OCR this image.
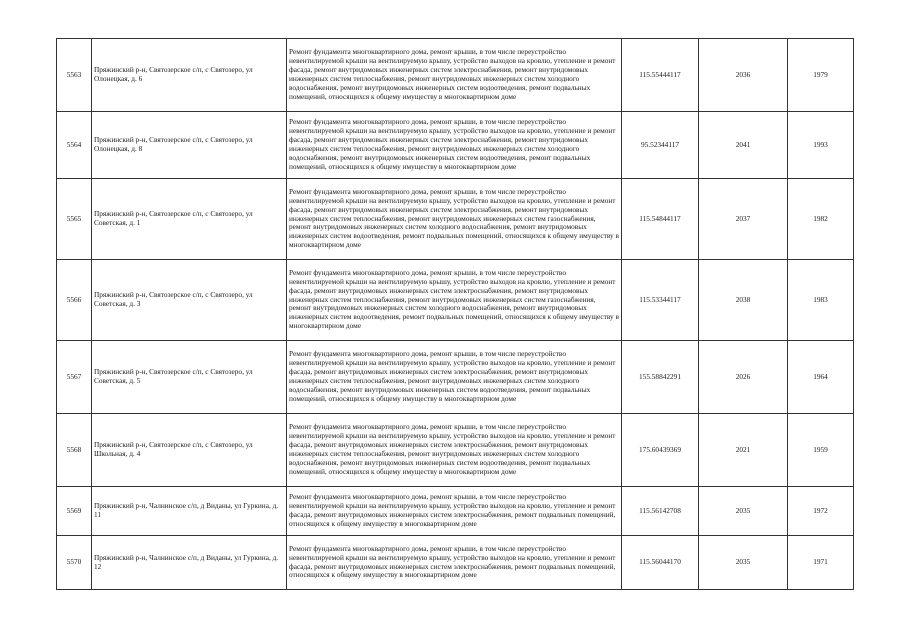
5563	Пряжинский р-н, Святозерское с/п, с Святозеро, ул Олонецкая, д. 6	Ремонт фундамента многоквартирного дома, ремонт крыши, в том числе переустройство невентилируемой крыши на вентилируемую крышу, устройство выходов на кровлю, утепление и ремонт фасада, ремонт внутридомовых инженерных систем электроснабжения, ремонт внутридомовых инженерных систем теплоснабжения, ремонт внутридомовых инженерных систем холодного водоснабжения, ремонт внутридомовых инженерных систем водоотведения, ремонт подвальных помещений, относящихся к общему имуществу в многоквартирном доме	115.55444117	2036	1979
5564	Пряжинский р-н, Святозерское с/п, с Святозеро, ул Олонецкая, д. 8	Ремонт фундамента многоквартирного дома, ремонт крыши, в том числе переустройство невентилируемой крыши на вентилируемую крышу, устройство выходов на кровлю, утепление и ремонт фасада, ремонт внутридомовых инженерных систем электроснабжения, ремонт внутридомовых инженерных систем теплоснабжения, ремонт внутридомовых инженерных систем холодного водоснабжения, ремонт внутридомовых инженерных систем водоотведения, ремонт подвальных помещений, относящихся к общему имуществу в многоквартирном доме	95.52344117	2041	1993
5565	Пряжинский р-н, Святозерское с/п, с Святозеро, ул Советская, д. 1	Ремонт фундамента многоквартирного дома, ремонт крыши, в том числе переустройство невентилируемой крыши на вентилируемую крышу, устройство выходов на кровлю, утепление и ремонт фасада, ремонт внутридомовых инженерных систем электроснабжения, ремонт внутридомовых инженерных систем теплоснабжения, ремонт внутридомовых инженерных систем газоснабжения, ремонт внутридомовых инженерных систем холодного водоснабжения, ремонт внутридомовых инженерных систем водоотведения, ремонт подвальных помещений, относящихся к общему имуществу в многоквартирном доме	115.54844117	2037	1982
5566	Пряжинский р-н, Святозерское с/п, с Святозеро, ул Советская, д. 3	Ремонт фундамента многоквартирного дома, ремонт крыши, в том числе переустройство невентилируемой крыши на вентилируемую крышу, устройство выходов на кровлю, утепление и ремонт фасада, ремонт внутридомовых инженерных систем электроснабжения, ремонт внутридомовых инженерных систем теплоснабжения, ремонт внутридомовых инженерных систем газоснабжения, ремонт внутридомовых инженерных систем холодного водоснабжения, ремонт внутридомовых инженерных систем водоотведения, ремонт подвальных помещений, относящихся к общему имуществу в многоквартирном доме	115.53344117	2038	1983
5567	Пряжинский р-н, Святозерское с/п, с Святозеро, ул Советская, д. 5	Ремонт фундамента многоквартирного дома, ремонт крыши, в том числе переустройство невентилируемой крыши на вентилируемую крышу, устройство выходов на кровлю, утепление и ремонт фасада, ремонт внутридомовых инженерных систем электроснабжения, ремонт внутридомовых инженерных систем теплоснабжения, ремонт внутридомовых инженерных систем холодного водоснабжения, ремонт внутридомовых инженерных систем водоотведения, ремонт подвальных помещений, относящихся к общему имуществу в многоквартирном доме	155.58842291	2026	1964
5568	Пряжинский р-н, Святозерское с/п, с Святозеро, ул Школьная, д. 4	Ремонт фундамента многоквартирного дома, ремонт крыши, в том числе переустройство невентилируемой крыши на вентилируемую крышу, устройство выходов на кровлю, утепление и ремонт фасада, ремонт внутридомовых инженерных систем электроснабжения, ремонт внутридомовых инженерных систем теплоснабжения, ремонт внутридомовых инженерных систем холодного водоснабжения, ремонт внутридомовых инженерных систем водоотведения, ремонт подвальных помещений, относящихся к общему имуществу в многоквартирном доме	175.60439369	2021	1959
5569	Пряжинский р-н, Чалнинское с/п, д Виданы, ул Гуркина, д. 11	Ремонт фундамента многоквартирного дома, ремонт крыши, в том числе переустройство невентилируемой крыши на вентилируемую крышу, устройство выходов на кровлю, утепление и ремонт фасада, ремонт внутридомовых инженерных систем электроснабжения, ремонт подвальных помещений, относящихся к общему имуществу в многоквартирном доме	115.56142708	2035	1972
5570	Пряжинский р-н, Чалнинское с/п, д Виданы, ул Гуркина, д. 12	Ремонт фундамента многоквартирного дома, ремонт крыши, в том числе переустройство невентилируемой крыши на вентилируемую крышу, устройство выходов на кровлю, утепление и ремонт фасада, ремонт внутридомовых инженерных систем электроснабжения, ремонт подвальных помещений, относящихся к общему имуществу в многоквартирном доме	115.56044170	2035	1971
